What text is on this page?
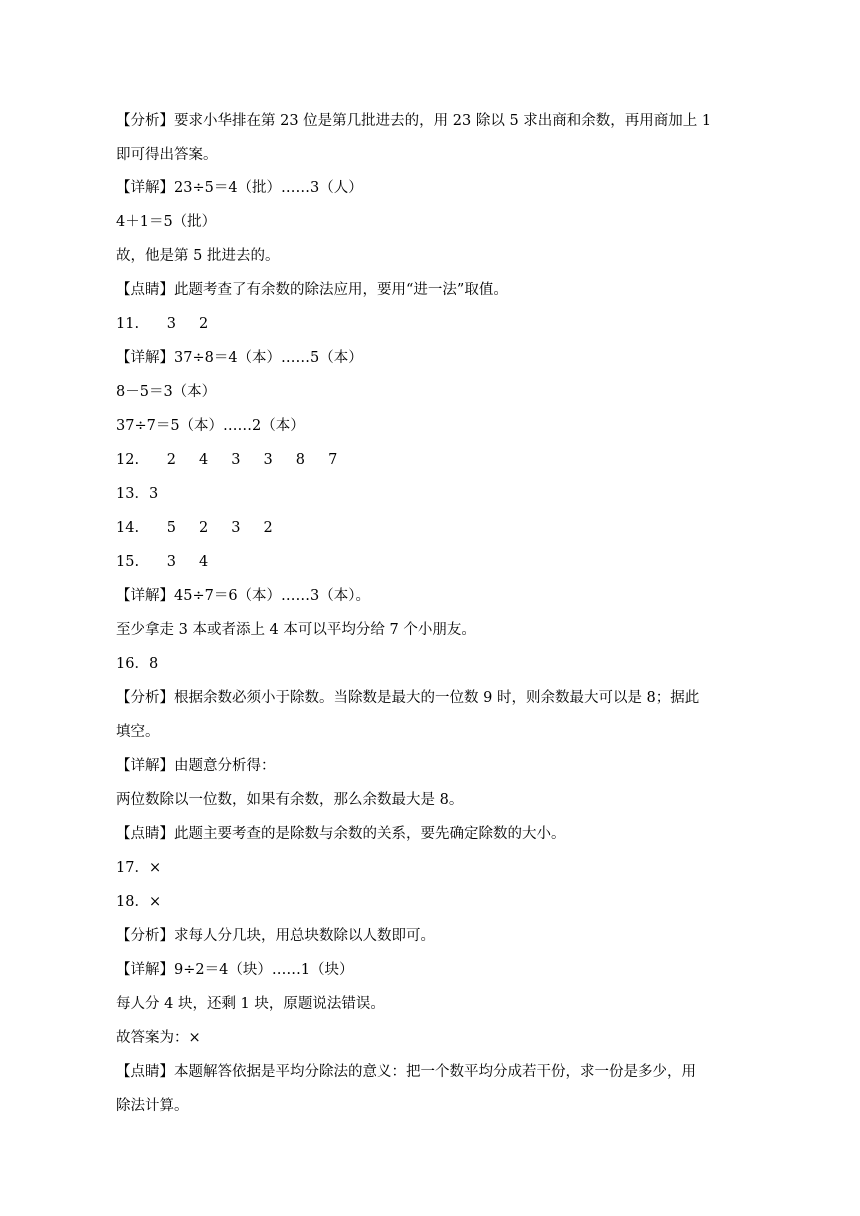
【分析】要求小华排在第 23 位是第几批进去的，用 23 除以 5 求出商和余数，再用商加上 1
即可得出答案。
【详解】23÷5＝4（批）……3（人）
4＋1＝5（批）
故，他是第 5 批进去的。
【点睛】此题考查了有余数的除法应用，要用“进一法”取值。
11.      3     2
【详解】37÷8＝4（本）……5（本）
8－5＝3（本）
37÷7＝5（本）……2（本）
12.      2     4     3     3     8     7
13．3
14.      5     2     3     2
15.      3     4
【详解】45÷7＝6（本）……3（本）。
至少拿走 3 本或者添上 4 本可以平均分给 7 个小朋友。
16．8
【分析】根据余数必须小于除数。当除数是最大的一位数 9 时，则余数最大可以是 8；据此
填空。
【详解】由题意分析得：
两位数除以一位数，如果有余数，那么余数最大是 8。
【点睛】此题主要考查的是除数与余数的关系，要先确定除数的大小。
17．×
18．×
【分析】求每人分几块，用总块数除以人数即可。
【详解】9÷2＝4（块）……1（块）
每人分 4 块，还剩 1 块，原题说法错误。
故答案为：×
【点睛】本题解答依据是平均分除法的意义：把一个数平均分成若干份，求一份是多少，用
除法计算。
